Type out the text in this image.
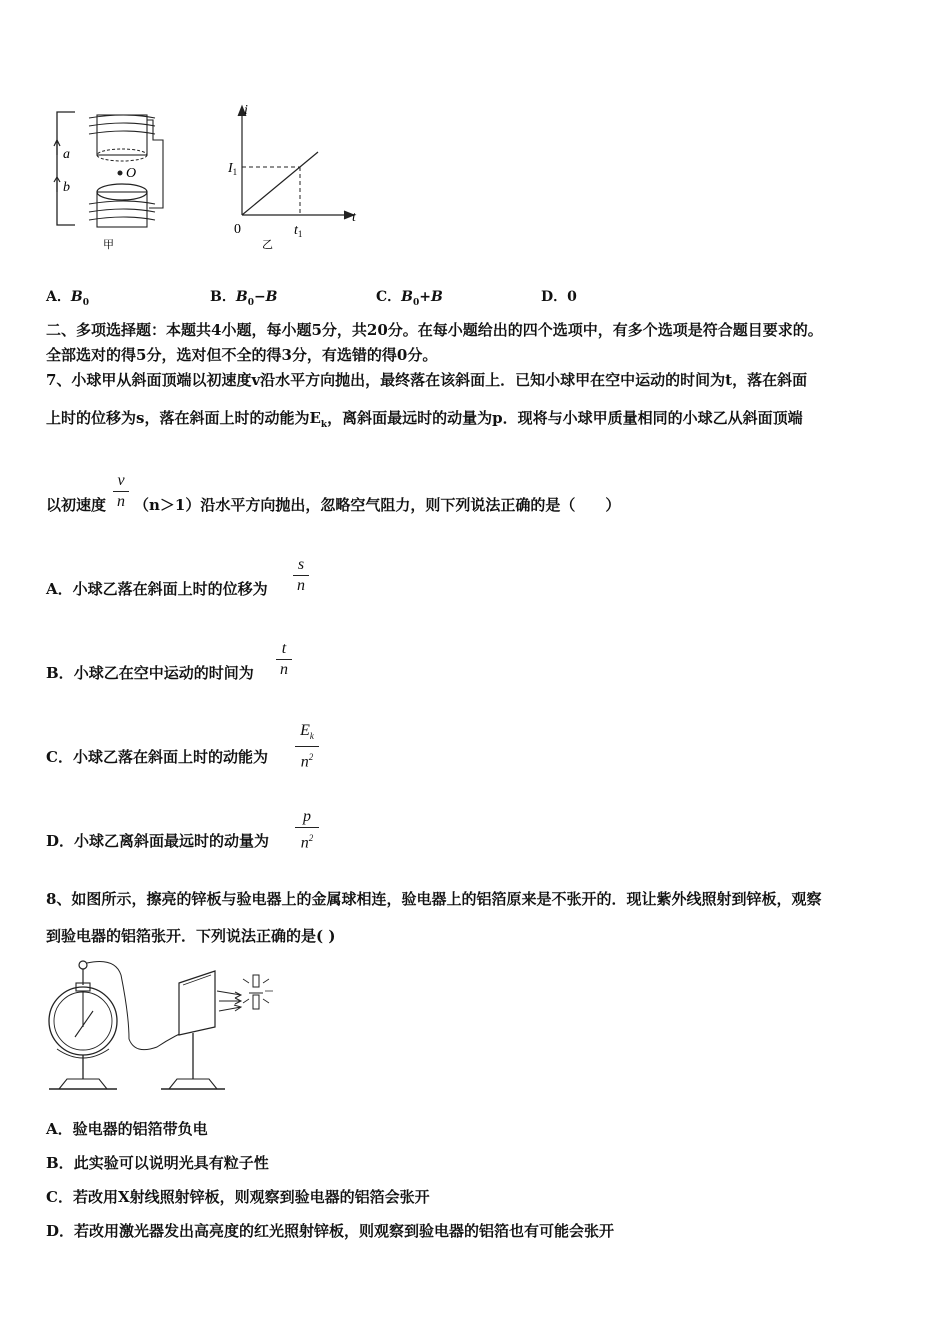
a
b
O
甲
i
t
0
$I_1$
$t_1$
乙
A．$B_0$	B．$B_0-B$	C．$B_0+B$	D．0
二、多项选择题：本题共4小题，每小题5分，共20分。在每小题给出的四个选项中，有多个选项是符合题目要求的。
全部选对的得5分，选对但不全的得3分，有选错的得0分。
7、小球甲从斜面顶端以初速度v沿水平方向抛出，最终落在该斜面上．已知小球甲在空中运动的时间为t，落在斜面
上时的位移为s，落在斜面上时的动能为$E_k$，离斜面最远时的动量为p．现将与小球甲质量相同的小球乙从斜面顶端
以初速度
v
n （n＞1）沿水平方向抛出，忽略空气阻力，则下列说法正确的是（　　）
A．小球乙落在斜面上时的位移为
s
n
B．小球乙在空中运动的时间为
t
n
C．小球乙落在斜面上时的动能为
$E_k$
$n^2$
D．小球乙离斜面最远时的动量为
p
$n^2$
8、如图所示，擦亮的锌板与验电器上的金属球相连，验电器上的铝箔原来是不张开的．现让紫外线照射到锌板，观察
到验电器的铝箔张开．下列说法正确的是( )
A．验电器的铝箔带负电
B．此实验可以说明光具有粒子性
C．若改用X射线照射锌板，则观察到验电器的铝箔会张开
D．若改用激光器发出高亮度的红光照射锌板，则观察到验电器的铝箔也有可能会张开
